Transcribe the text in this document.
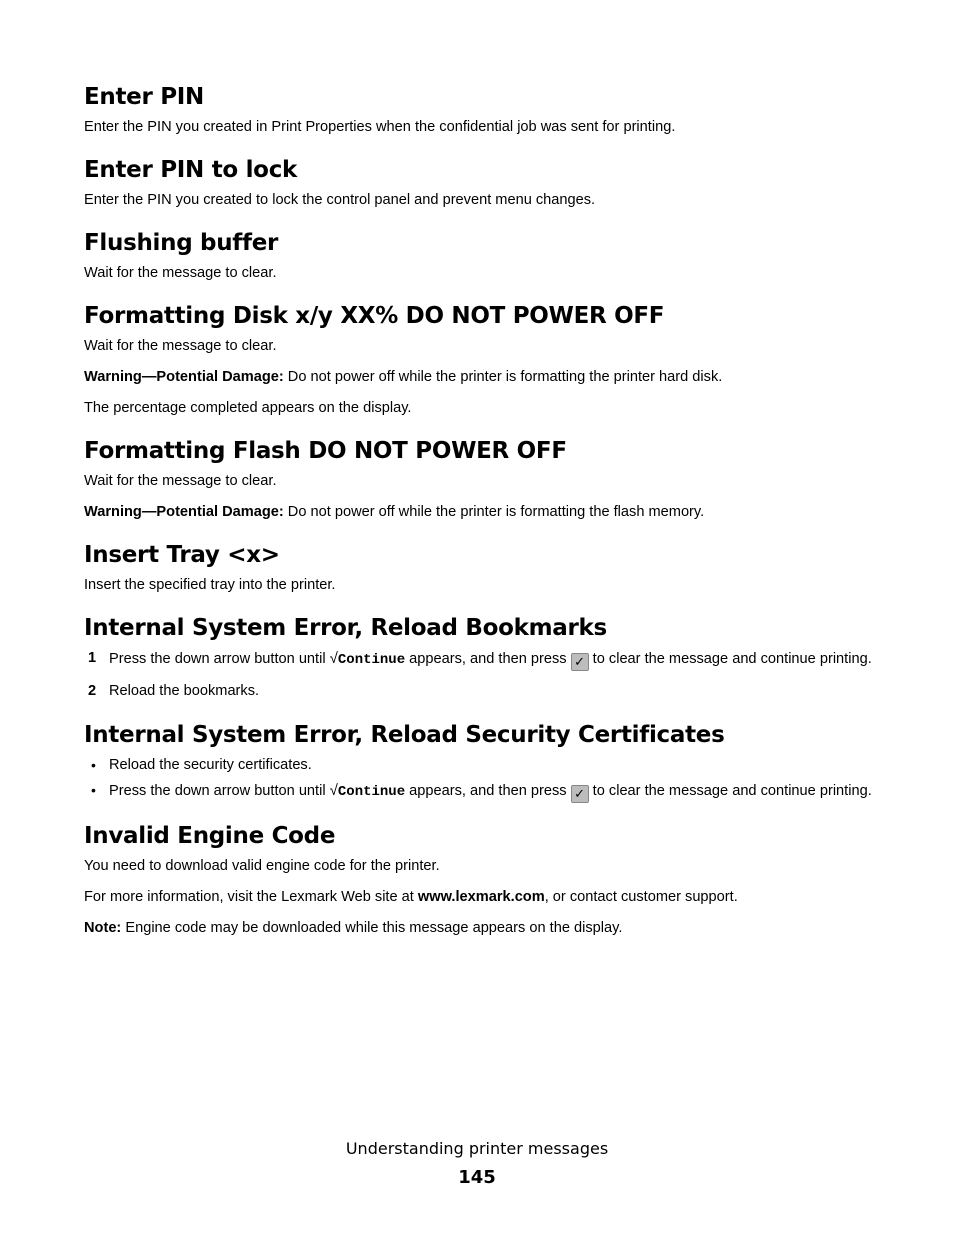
Enter PIN

Enter the PIN you created in Print Properties when the confidential job was sent for printing.

Enter PIN to lock

Enter the PIN you created to lock the control panel and prevent menu changes.

Flushing buffer

Wait for the message to clear.

Formatting Disk x/y XX% DO NOT POWER OFF

Wait for the message to clear.

Warning—Potential Damage: Do not power off while the printer is formatting the printer hard disk.

The percentage completed appears on the display.

Formatting Flash DO NOT POWER OFF

Wait for the message to clear.

Warning—Potential Damage: Do not power off while the printer is formatting the flash memory.

Insert Tray <x>

Insert the specified tray into the printer.

Internal System Error, Reload Bookmarks
1 Press the down arrow button until √Continue appears, and then press ✓ to clear the message and continue printing.
2 Reload the bookmarks.
Internal System Error, Reload Security Certificates
• Reload the security certificates.
• Press the down arrow button until √Continue appears, and then press ✓ to clear the message and continue printing.
Invalid Engine Code

You need to download valid engine code for the printer.

For more information, visit the Lexmark Web site at www.lexmark.com, or contact customer support.

Note: Engine code may be downloaded while this message appears on the display.

Understanding printer messages
145
